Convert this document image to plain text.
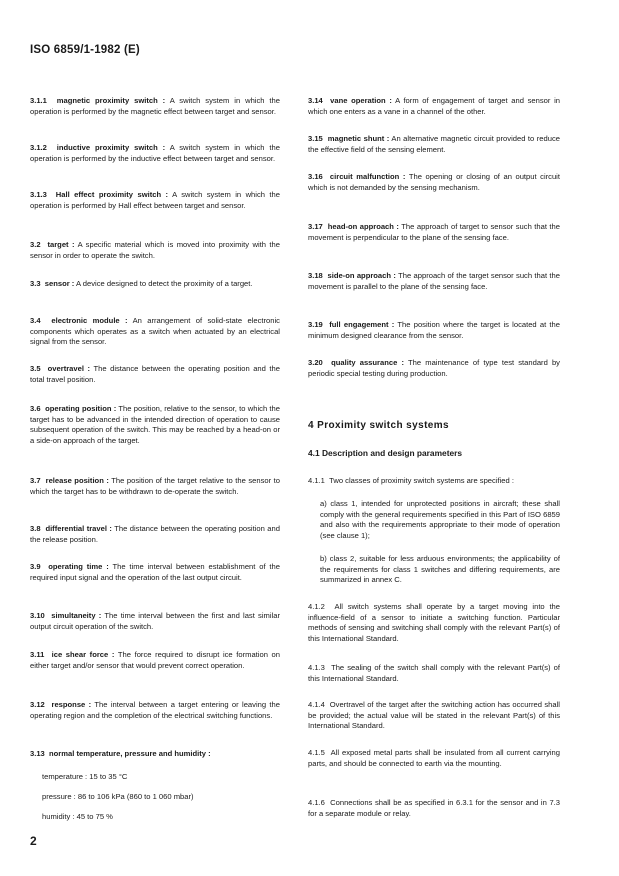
ISO 6859/1-1982 (E)
3.1.1 magnetic proximity switch : A switch system in which the operation is performed by the magnetic effect between target and sensor.
3.1.2 inductive proximity switch : A switch system in which the operation is performed by the inductive effect between target and sensor.
3.1.3 Hall effect proximity switch : A switch system in which the operation is performed by Hall effect between target and sensor.
3.2 target : A specific material which is moved into proximity with the sensor in order to operate the switch.
3.3 sensor : A device designed to detect the proximity of a target.
3.4 electronic module : An arrangement of solid-state electronic components which operates as a switch when actuated by an electrical signal from the sensor.
3.5 overtravel : The distance between the operating position and the total travel position.
3.6 operating position : The position, relative to the sensor, to which the target has to be advanced in the intended direction of operation to cause subsequent operation of the switch. This may be reached by a head-on or a side-on approach of the target.
3.7 release position : The position of the target relative to the sensor to which the target has to be withdrawn to de-operate the switch.
3.8 differential travel : The distance between the operating position and the release position.
3.9 operating time : The time interval between establishment of the required input signal and the operation of the last output circuit.
3.10 simultaneity : The time interval between the first and last similar output circuit operation of the switch.
3.11 ice shear force : The force required to disrupt ice formation on either target and/or sensor that would prevent correct operation.
3.12 response : The interval between a target entering or leaving the operating region and the completion of the electrical switching functions.
3.13 normal temperature, pressure and humidity :
temperature : 15 to 35 °C
pressure : 86 to 106 kPa (860 to 1 060 mbar)
humidity : 45 to 75 %
3.14 vane operation : A form of engagement of target and sensor in which one enters as a vane in a channel of the other.
3.15 magnetic shunt : An alternative magnetic circuit provided to reduce the effective field of the sensing element.
3.16 circuit malfunction : The opening or closing of an output circuit which is not demanded by the sensing mechanism.
3.17 head-on approach : The approach of target to sensor such that the movement is perpendicular to the plane of the sensing face.
3.18 side-on approach : The approach of the target sensor such that the movement is parallel to the plane of the sensing face.
3.19 full engagement : The position where the target is located at the minimum designed clearance from the sensor.
3.20 quality assurance : The maintenance of type test standard by periodic special testing during production.
4 Proximity switch systems
4.1 Description and design parameters
4.1.1 Two classes of proximity switch systems are specified :
a) class 1, intended for unprotected positions in aircraft; these shall comply with the general requirements specified in this Part of ISO 6859 and also with the requirements appropriate to their mode of operation (see clause 1);
b) class 2, suitable for less arduous environments; the applicability of the requirements for class 1 switches and differing requirements, are summarized in annex C.
4.1.2 All switch systems shall operate by a target moving into the influence-field of a sensor to initiate a switching function. Particular methods of sensing and switching shall comply with the relevant Part(s) of this International Standard.
4.1.3 The sealing of the switch shall comply with the relevant Part(s) of this International Standard.
4.1.4 Overtravel of the target after the switching action has occurred shall be provided; the actual value will be stated in the relevant Part(s) of this International Standard.
4.1.5 All exposed metal parts shall be insulated from all current carrying parts, and should be connected to earth via the mounting.
4.1.6 Connections shall be as specified in 6.3.1 for the sensor and in 7.3 for a separate module or relay.
2
